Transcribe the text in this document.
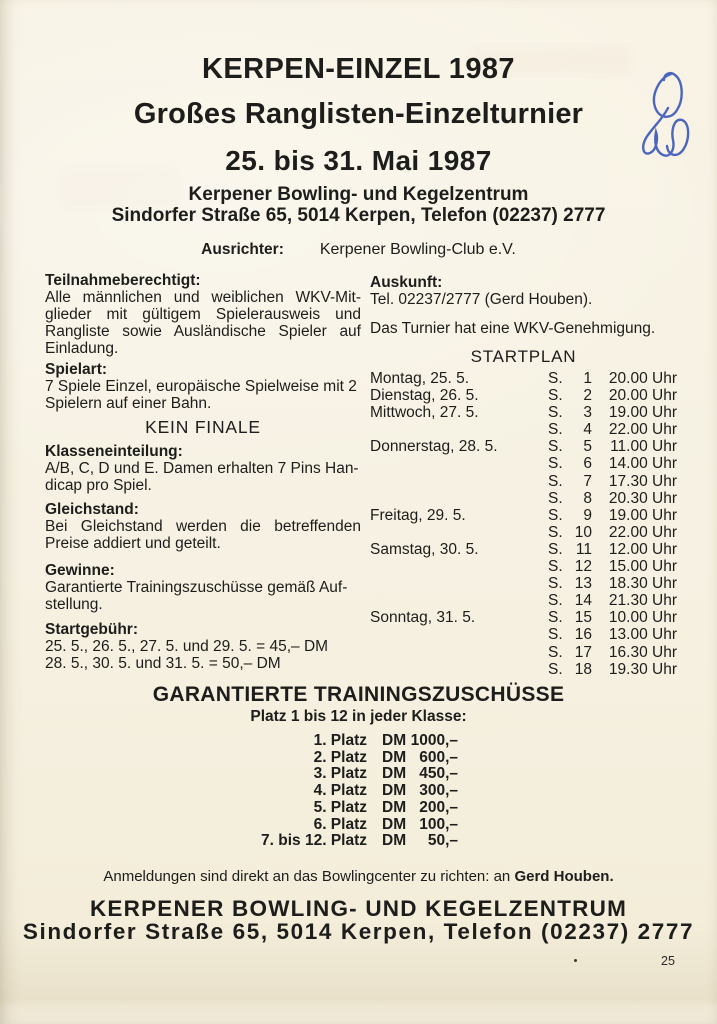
KERPEN-EINZEL 1987
Großes Ranglisten-Einzelturnier
25. bis 31. Mai 1987
Kerpener Bowling- und Kegelzentrum
Sindorfer Straße 65, 5014 Kerpen, Telefon (02237) 2777
Ausrichter: Kerpener Bowling-Club e.V.
Teilnahmeberechtigt:
Alle männlichen und weiblichen WKV-Mit-
glieder mit gültigem Spielerausweis und
Rangliste sowie Ausländische Spieler auf
Einladung.
Spielart:
7 Spiele Einzel, europäische Spielweise mit 2
Spielern auf einer Bahn.
KEIN FINALE
Klasseneinteilung:
A/B, C, D und E. Damen erhalten 7 Pins Han-
dicap pro Spiel.
Gleichstand:
Bei Gleichstand werden die betreffenden
Preise addiert und geteilt.
Gewinne:
Garantierte Trainingszuschüsse gemäß Auf-
stellung.
Startgebühr:
25. 5., 26. 5., 27. 5. und 29. 5. = 45,– DM
28. 5., 30. 5. und 31. 5. = 50,– DM
Auskunft:
Tel. 02237/2777 (Gerd Houben).
Das Turnier hat eine WKV-Genehmigung.
STARTPLAN
Montag, 25. 5.	S.	1	20.00 Uhr
Dienstag, 26. 5.	S.	2	20.00 Uhr
Mittwoch, 27. 5.	S.	3	19.00 Uhr
S.	4	22.00 Uhr
Donnerstag, 28. 5.	S.	5	11.00 Uhr
S.	6	14.00 Uhr
S.	7	17.30 Uhr
S.	8	20.30 Uhr
Freitag, 29. 5.	S.	9	19.00 Uhr
S. 10	22.00 Uhr
Samstag, 30. 5.	S. 11	12.00 Uhr
S. 12	15.00 Uhr
S. 13	18.30 Uhr
S. 14	21.30 Uhr
Sonntag, 31. 5.	S. 15	10.00 Uhr
S. 16	13.00 Uhr
S. 17	16.30 Uhr
S. 18	19.30 Uhr
GARANTIERTE TRAININGSZUSCHÜSSE
Platz 1 bis 12 in jeder Klasse:
1. Platz DM 1000,–
2. Platz DM 600,–
3. Platz DM 450,–
4. Platz DM 300,–
5. Platz DM 200,–
6. Platz DM 100,–
7. bis 12. Platz DM	50,–
Anmeldungen sind direkt an das Bowlingcenter zu richten: an Gerd Houben.
KERPENER BOWLING- UND KEGELZENTRUM
Sindorfer Straße 65, 5014 Kerpen, Telefon (02237) 2777
25
